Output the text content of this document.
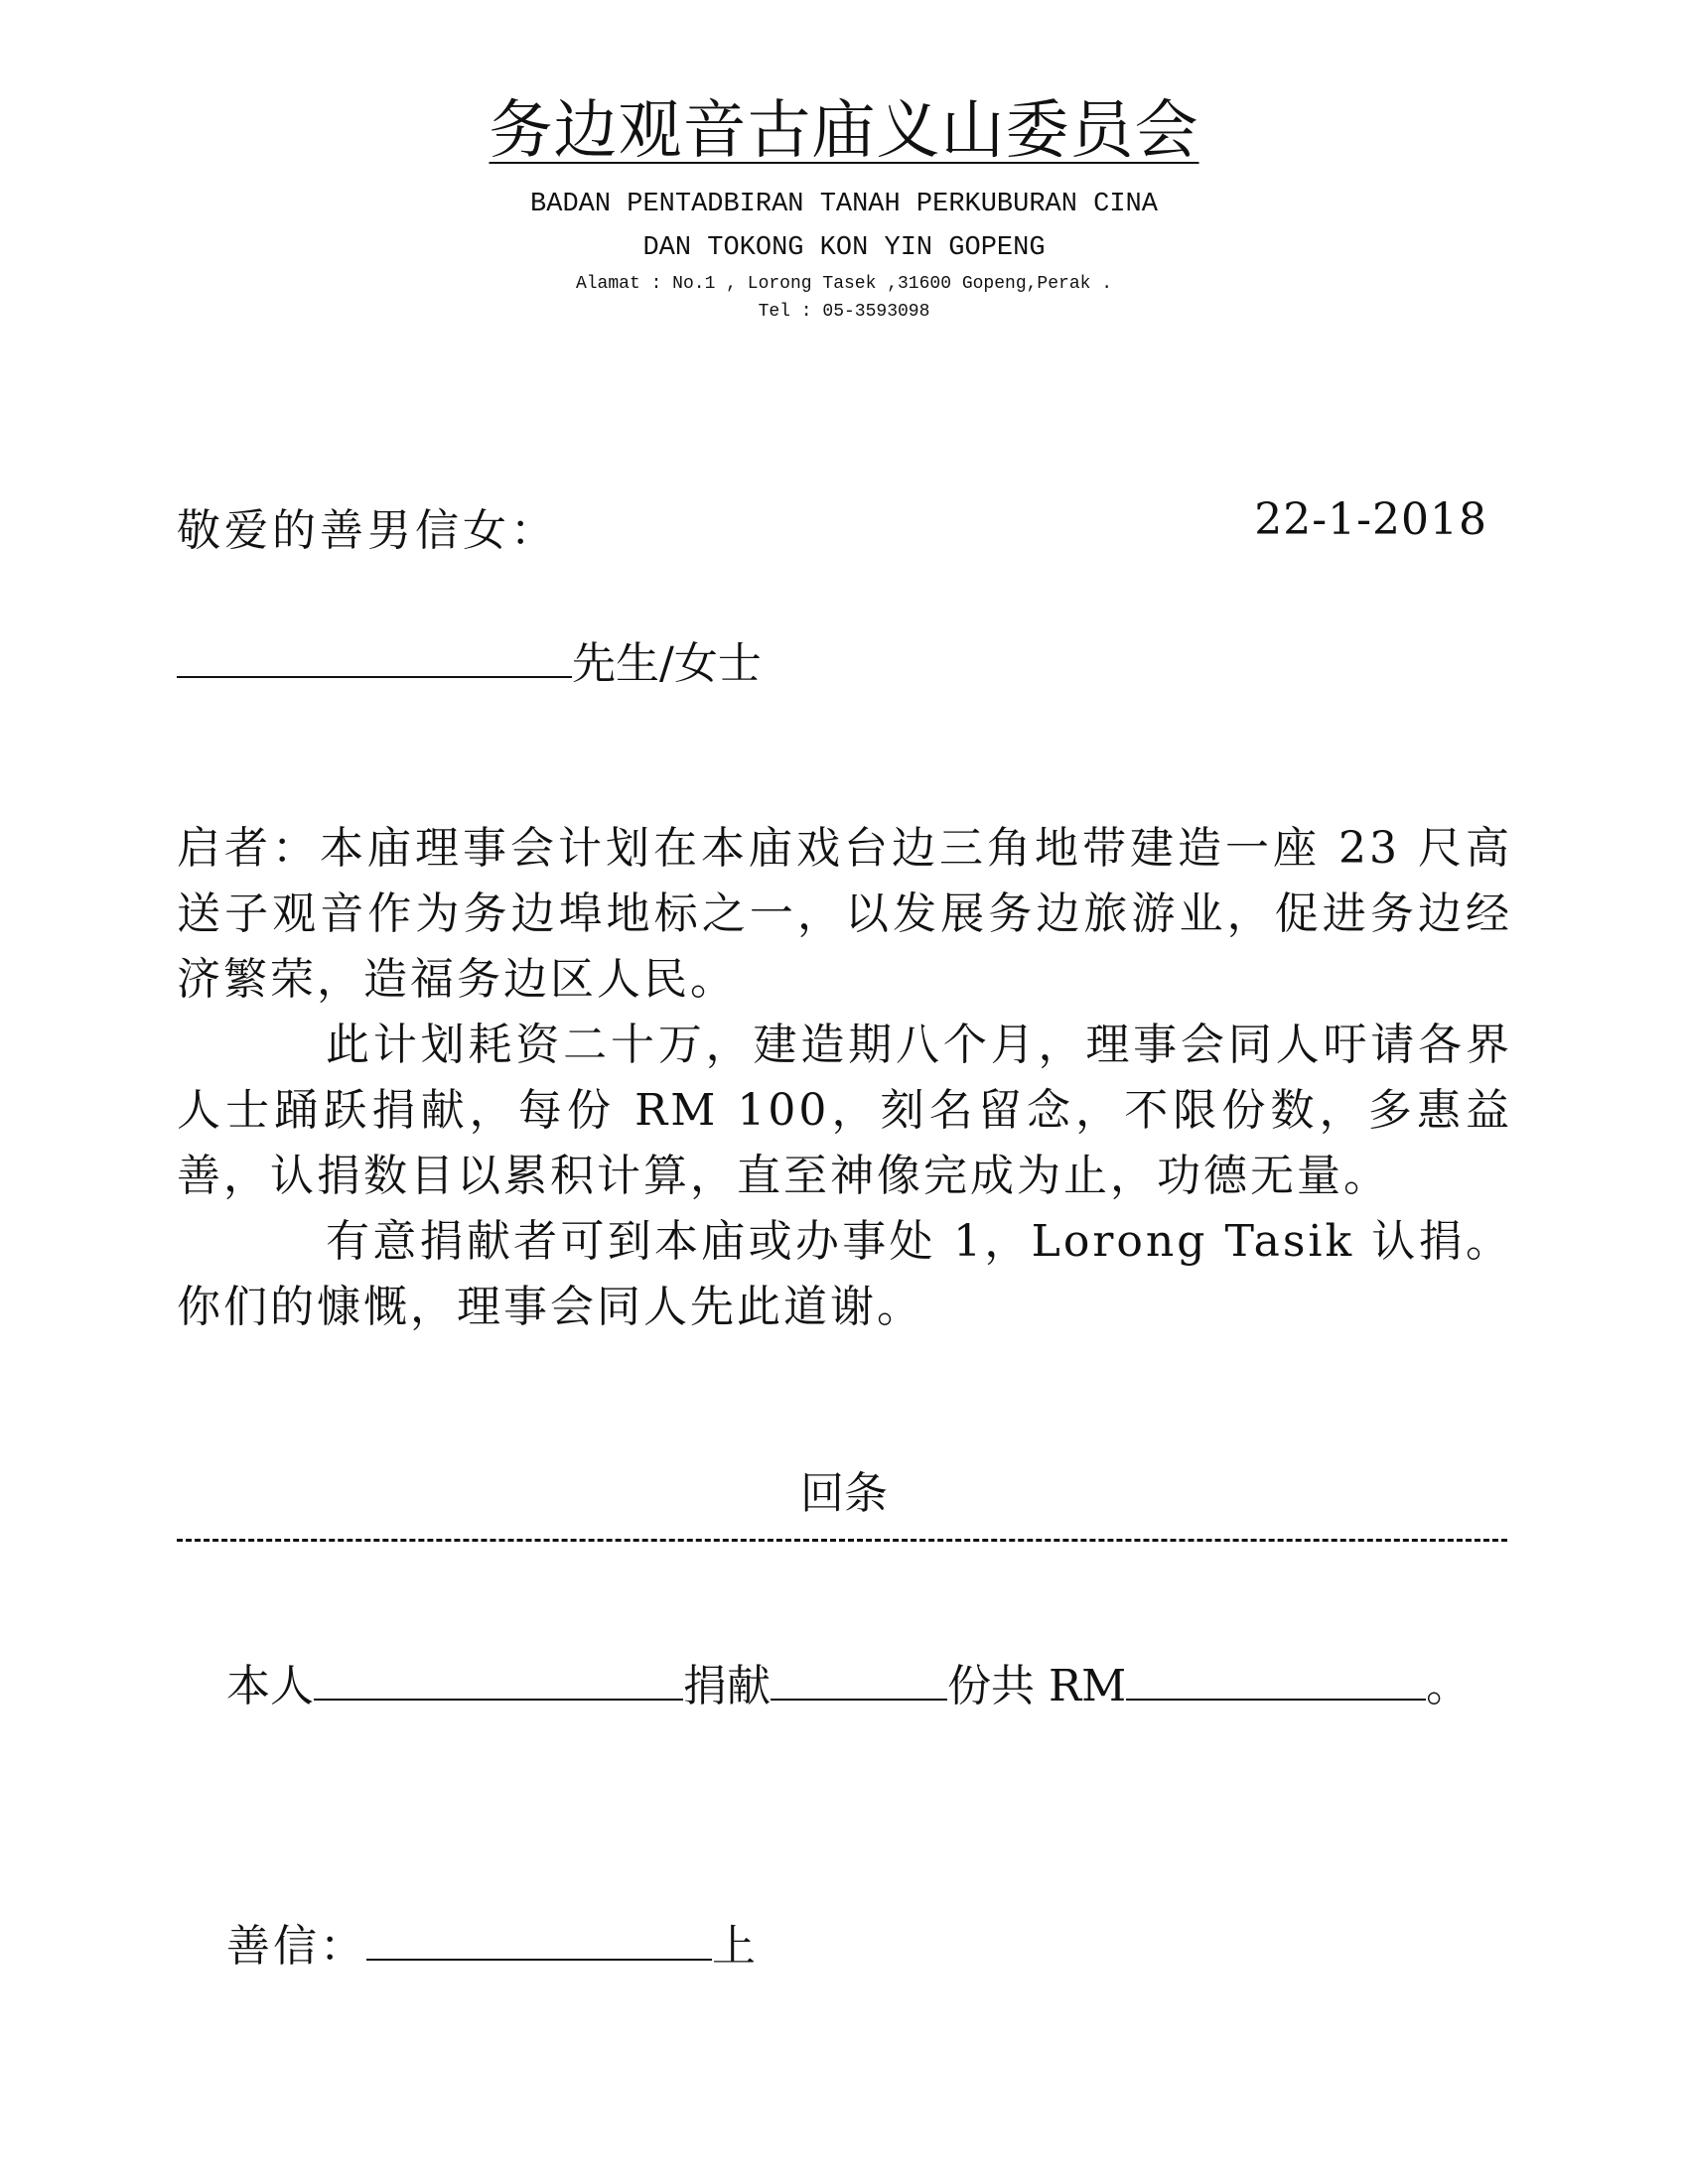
务边观音古庙义山委员会
BADAN PENTADBIRAN TANAH PERKUBURAN CINA
DAN TOKONG KON YIN GOPENG
Alamat : No.1 , Lorong Tasek ,31600 Gopeng,Perak .
Tel : 05-3593098
敬爱的善男信女：	22-1-2018
先生/女士

启者：本庙理事会计划在本庙戏台边三角地带建造一座 23 尺高送子观音作为务边埠地标之一，以发展务边旅游业，促进务边经济繁荣，造福务边区人民。

此计划耗资二十万，建造期八个月，理事会同人吁请各界人士踊跃捐献，每份 RM 100，刻名留念，不限份数，多惠益善，认捐数目以累积计算，直至神像完成为止，功德无量。

有意捐献者可到本庙或办事处 1，Lorong Tasik 认捐。你们的慷慨，理事会同人先此道谢。

回条
本人	捐献	份共 RM	。
善信：	上
